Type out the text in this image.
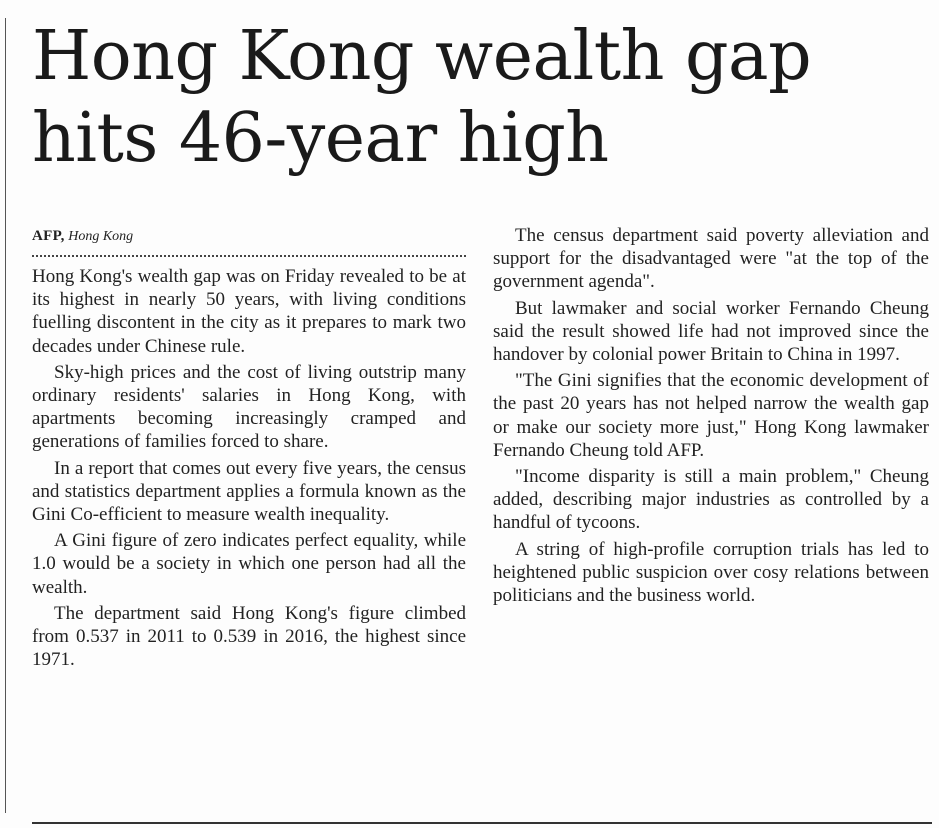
Hong Kong wealth gap
hits 46-year high
AFP, Hong Kong

Hong Kong's wealth gap was on Friday revealed to be at its highest in nearly 50 years, with living conditions fuelling discontent in the city as it prepares to mark two decades under Chinese rule.

Sky-high prices and the cost of living outstrip many ordinary residents' salaries in Hong Kong, with apartments becoming increasingly cramped and generations of families forced to share.

In a report that comes out every five years, the census and statistics department applies a formula known as the Gini Co-efficient to measure wealth inequality.

A Gini figure of zero indicates perfect equality, while 1.0 would be a society in which one person had all the wealth.

The department said Hong Kong's figure climbed from 0.537 in 2011 to 0.539 in 2016, the highest since 1971.

The census department said poverty alleviation and support for the disadvantaged were "at the top of the government agenda".

But lawmaker and social worker Fernando Cheung said the result showed life had not improved since the handover by colonial power Britain to China in 1997.

"The Gini signifies that the economic development of the past 20 years has not helped narrow the wealth gap or make our society more just," Hong Kong lawmaker Fernando Cheung told AFP.

"Income disparity is still a main problem," Cheung added, describing major industries as controlled by a handful of tycoons.

A string of high-profile corruption trials has led to heightened public suspicion over cosy relations between politicians and the business world.
